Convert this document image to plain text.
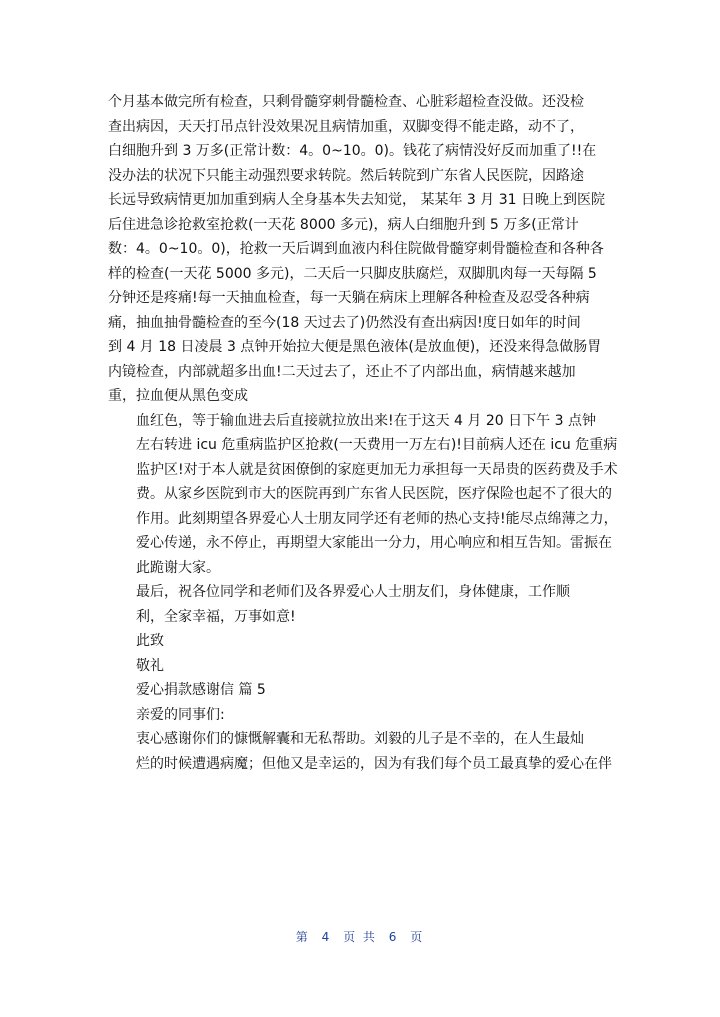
个月基本做完所有检查，只剩骨髓穿刺骨髓检查、心脏彩超检查没做。还没检
查出病因，天天打吊点针没效果况且病情加重，双脚变得不能走路，动不了，
白细胞升到 3 万多(正常计数：4。0~10。0)。钱花了病情没好反而加重了!!在
没办法的状况下只能主动强烈要求转院。然后转院到广东省人民医院，因路途
长远导致病情更加加重到病人全身基本失去知觉， 某某年 3 月 31 日晚上到医院
后住进急诊抢救室抢救(一天花 8000 多元)，病人白细胞升到 5 万多(正常计
数：4。0~10。0)，抢救一天后调到血液内科住院做骨髓穿刺骨髓检查和各种各
样的检查(一天花 5000 多元)，二天后一只脚皮肤腐烂，双脚肌肉每一天每隔 5
分钟还是疼痛!每一天抽血检查，每一天躺在病床上理解各种检查及忍受各种病
痛，抽血抽骨髓检查的至今(18 天过去了)仍然没有查出病因!度日如年的时间
到 4 月 18 日凌晨 3 点钟开始拉大便是黑色液体(是放血便)，还没来得急做肠胃
内镜检查，内部就超多出血!二天过去了，还止不了内部出血，病情越来越加
重，拉血便从黑色变成

血红色，等于输血进去后直接就拉放出来!在于这天 4 月 20 日下午 3 点钟
左右转进 icu 危重病监护区抢救(一天费用一万左右)!目前病人还在 icu 危重病
监护区!对于本人就是贫困僚倒的家庭更加无力承担每一天昂贵的医药费及手术
费。从家乡医院到市大的医院再到广东省人民医院，医疗保险也起不了很大的
作用。此刻期望各界爱心人士朋友同学还有老师的热心支持!能尽点绵薄之力，
爱心传递，永不停止，再期望大家能出一分力，用心响应和相互告知。雷振在
此跪谢大家。

最后，祝各位同学和老师们及各界爱心人士朋友们，身体健康，工作顺
利，全家幸福，万事如意!

此致

敬礼

爱心捐款感谢信 篇 5

亲爱的同事们:

衷心感谢你们的慷慨解囊和无私帮助。刘毅的儿子是不幸的，在人生最灿
烂的时候遭遇病魔；但他又是幸运的，因为有我们每个员工最真挚的爱心在伴

第 4 页 共 6 页
